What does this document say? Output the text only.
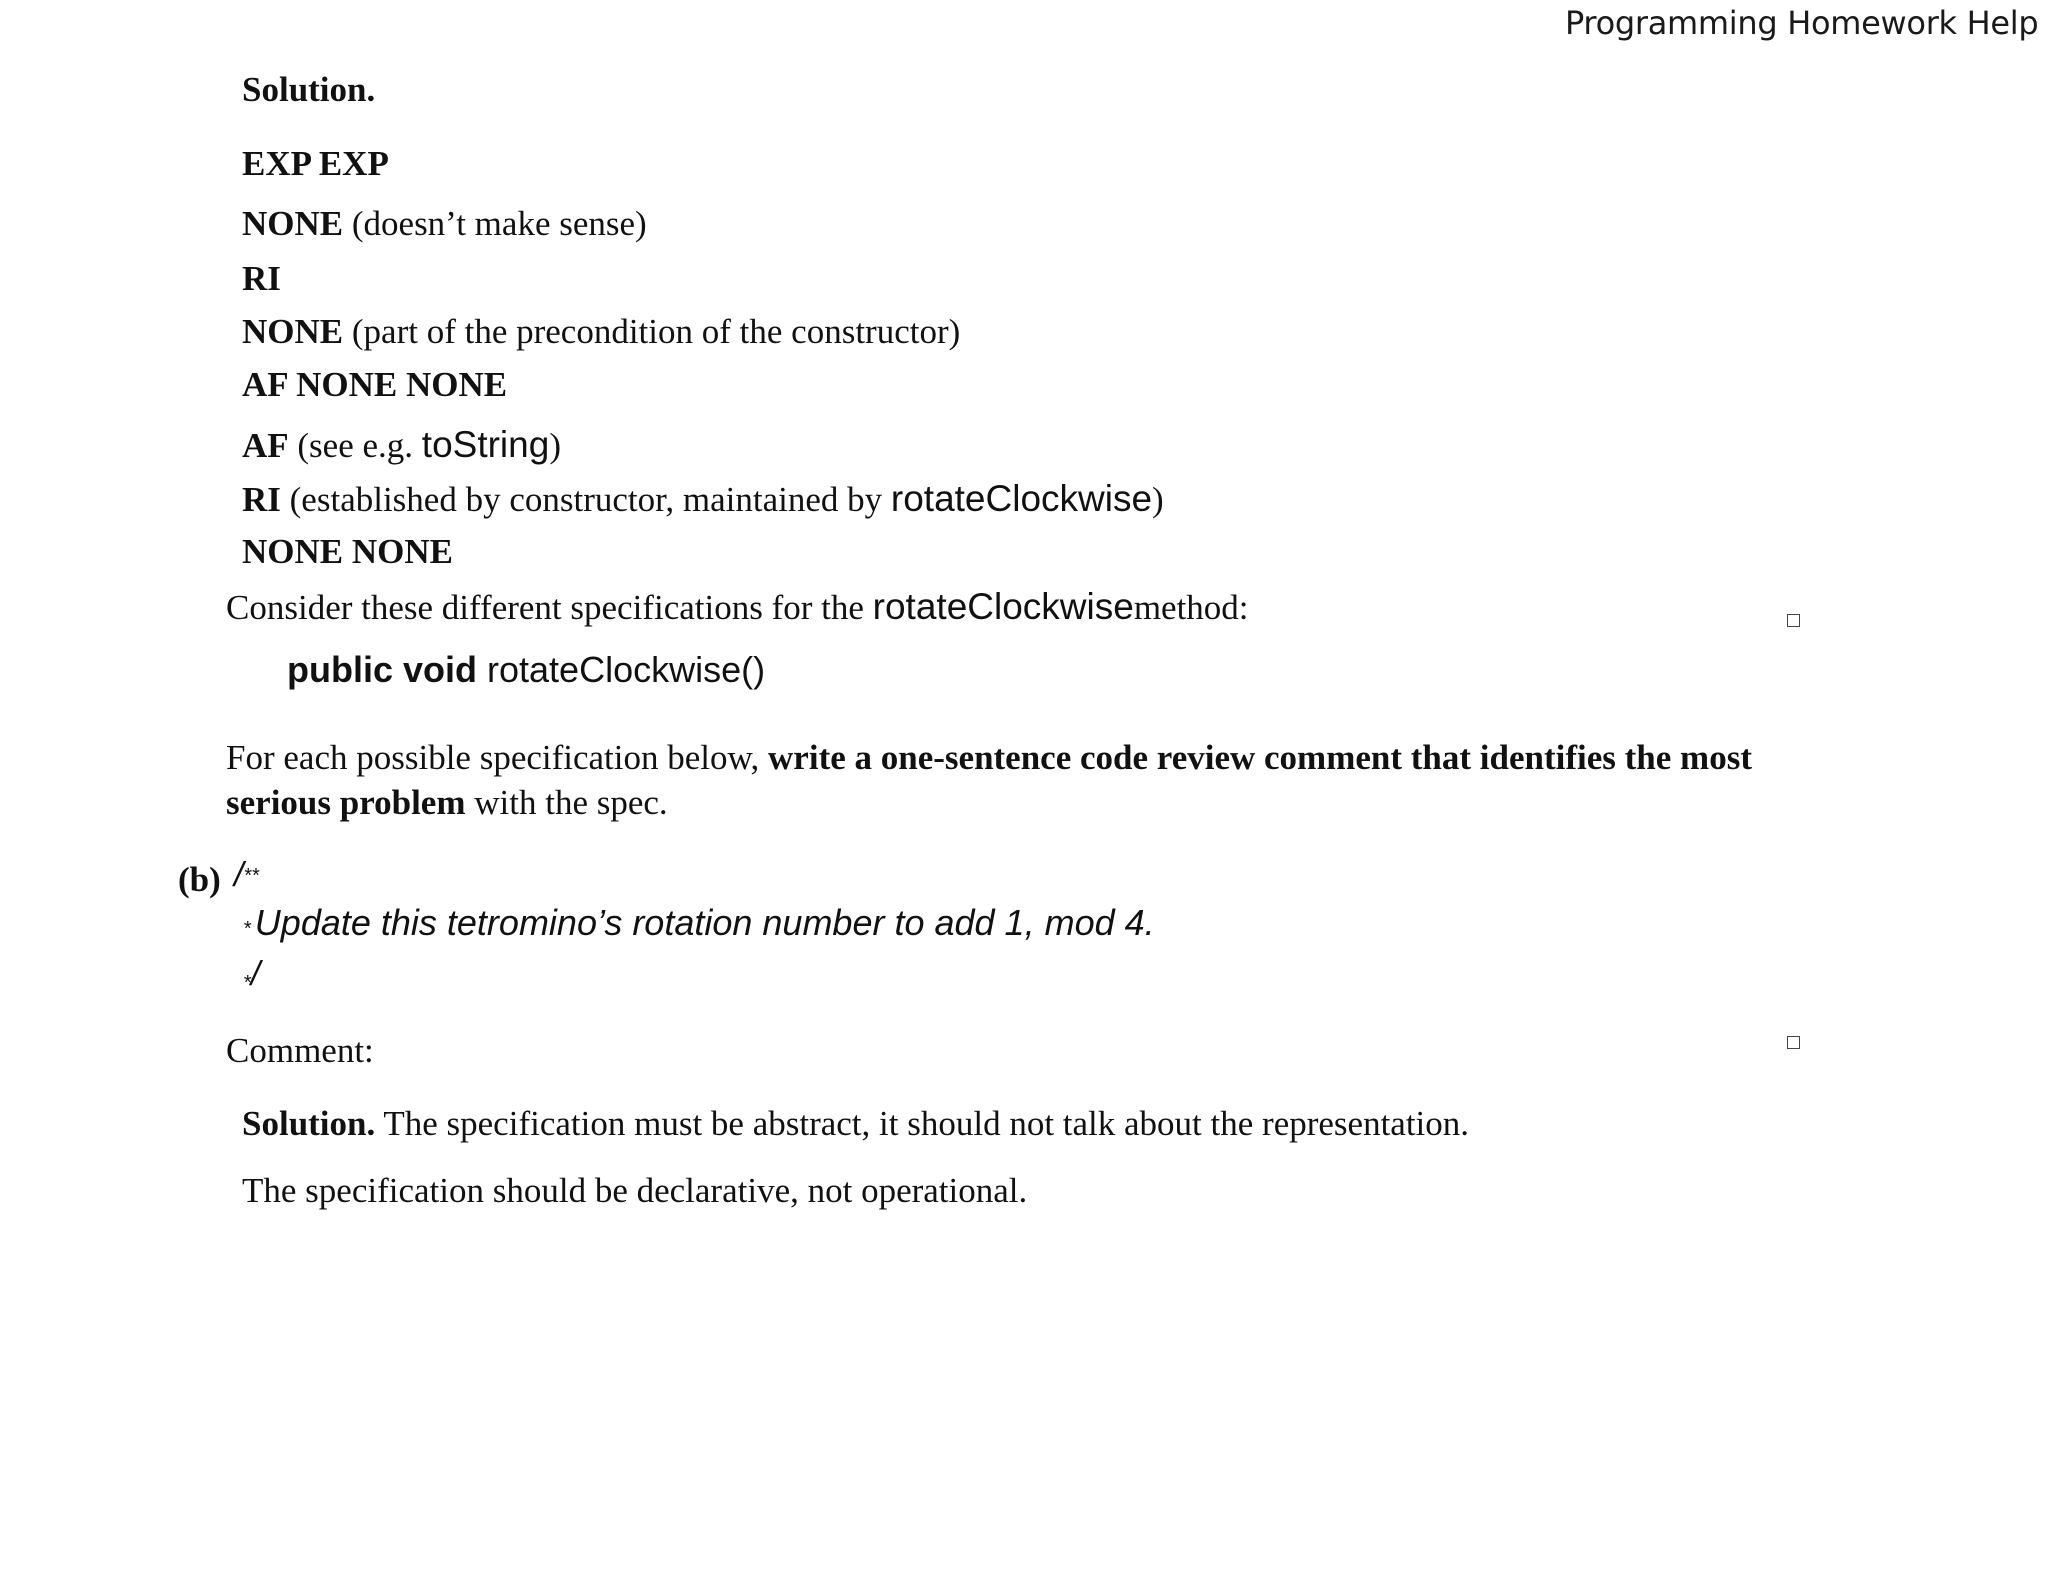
Programming Homework Help
Solution.
EXP EXP
NONE (doesn’t make sense)
RI
NONE (part of the precondition of the constructor)
AF NONE NONE
AF (see e.g. toString)
RI (established by constructor, maintained by rotateClockwise)
NONE NONE
Consider these different specifications for the rotateClockwisemethod:
public void rotateClockwise()
For each possible specification below, write a one-sentence code review comment that identifies the most
serious problem with the spec.
(b) /**
* Update this tetromino’s rotation number to add 1, mod 4.
*/
Comment:
Solution. The specification must be abstract, it should not talk about the representation.
The specification should be declarative, not operational.
